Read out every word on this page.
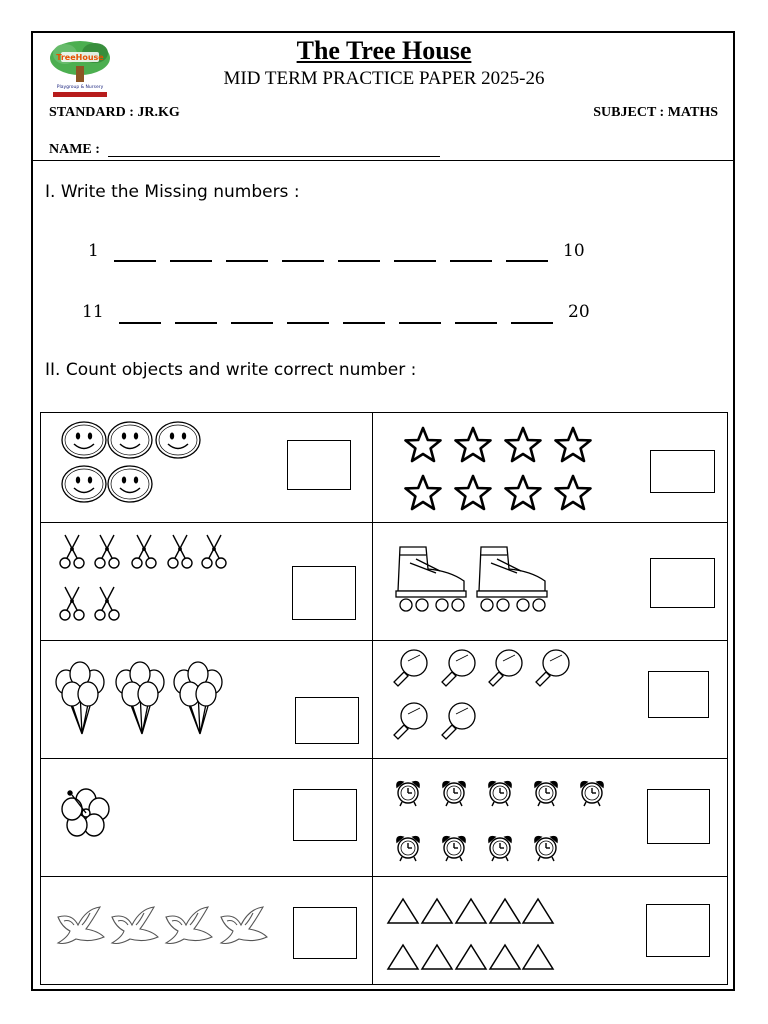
TreeHouse
Playgroup & Nursery
The Tree House
MID TERM PRACTICE PAPER 2025-26
STANDARD : JR.KG	SUBJECT : MATHS
NAME :
I. Write the Missing numbers :
1	10
11	20
II. Count objects and write correct number :
